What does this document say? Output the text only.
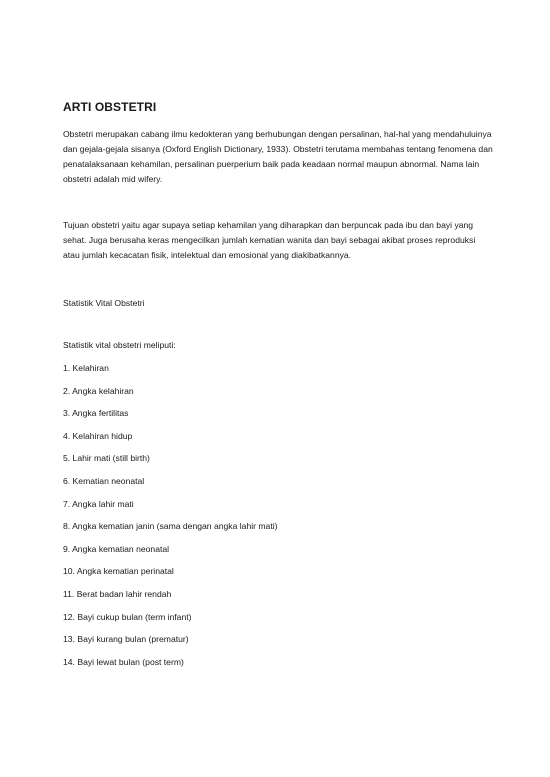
ARTI OBSTETRI

Obstetri merupakan cabang ilmu kedokteran yang berhubungan dengan persalinan, hal-hal yang mendahuluinya dan gejala-gejala sisanya (Oxford English Dictionary, 1933). Obstetri terutama membahas tentang fenomena dan penatalaksanaan kehamilan, persalinan puerperium baik pada keadaan normal maupun abnormal. Nama lain obstetri adalah mid wifery.

Tujuan obstetri yaitu agar supaya setiap kehamilan yang diharapkan dan berpuncak pada ibu dan bayi yang sehat. Juga berusaha keras mengecilkan jumlah kematian wanita dan bayi sebagai akibat proses reproduksi atau jumlah kecacatan fisik, intelektual dan emosional yang diakibatkannya.

Statistik Vital Obstetri

Statistik vital obstetri meliputi:

1. Kelahiran
2. Angka kelahiran
3. Angka fertilitas
4. Kelahiran hidup
5. Lahir mati (still birth)
6. Kematian neonatal
7. Angka lahir mati
8. Angka kematian janin (sama dengan angka lahir mati)
9. Angka kematian neonatal
10. Angka kematian perinatal
11. Berat badan lahir rendah
12. Bayi cukup bulan (term infant)
13. Bayi kurang bulan (prematur)
14. Bayi lewat bulan (post term)
